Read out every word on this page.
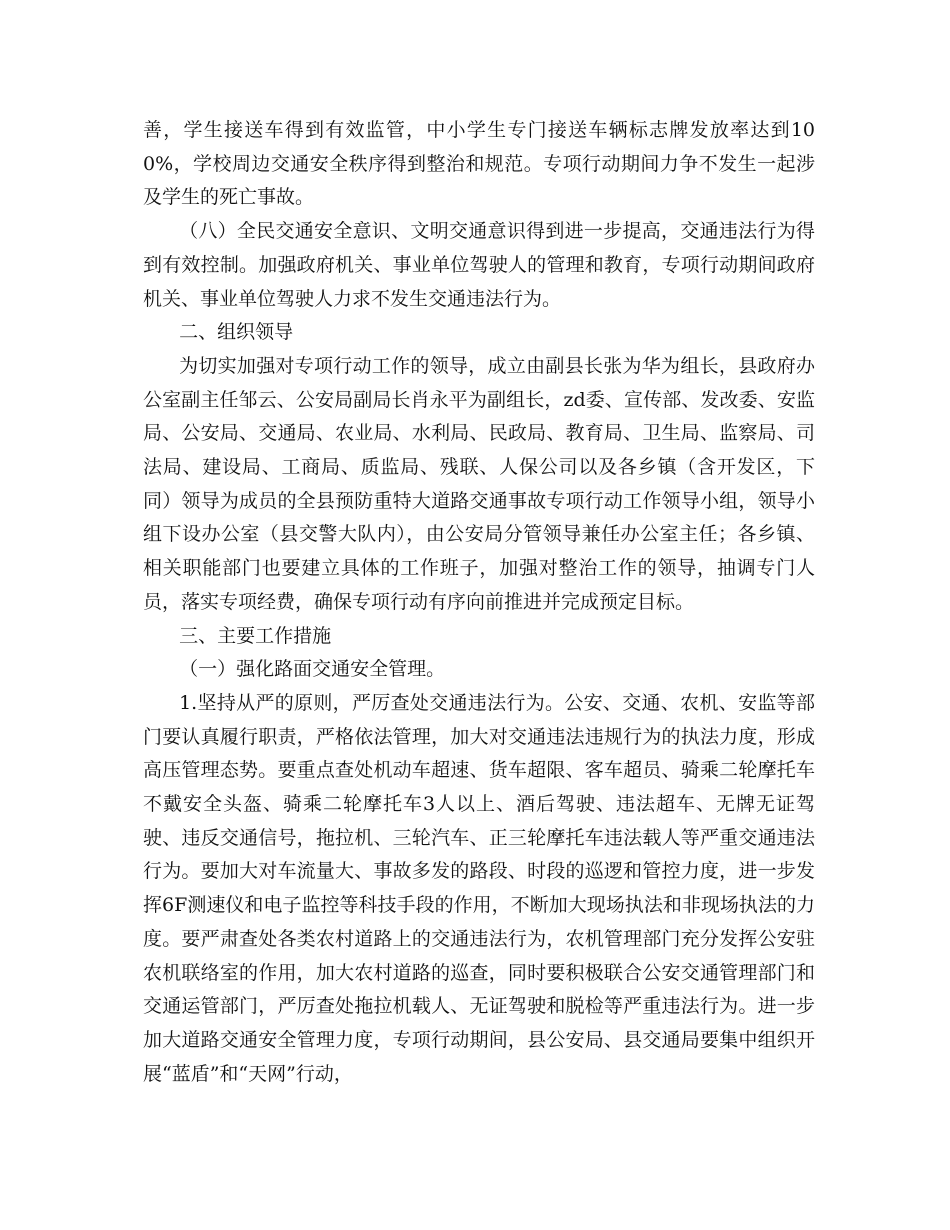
善，学生接送车得到有效监管，中小学生专门接送车辆标志牌发放率达到100%，学校周边交通安全秩序得到整治和规范。专项行动期间力争不发生一起涉及学生的死亡事故。

（八）全民交通安全意识、文明交通意识得到进一步提高，交通违法行为得到有效控制。加强政府机关、事业单位驾驶人的管理和教育，专项行动期间政府机关、事业单位驾驶人力求不发生交通违法行为。

二、组织领导

为切实加强对专项行动工作的领导，成立由副县长张为华为组长，县政府办公室副主任邹云、公安局副局长肖永平为副组长，zd委、宣传部、发改委、安监局、公安局、交通局、农业局、水利局、民政局、教育局、卫生局、监察局、司法局、建设局、工商局、质监局、残联、人保公司以及各乡镇（含开发区，下同）领导为成员的全县预防重特大道路交通事故专项行动工作领导小组，领导小组下设办公室（县交警大队内），由公安局分管领导兼任办公室主任；各乡镇、相关职能部门也要建立具体的工作班子，加强对整治工作的领导，抽调专门人员，落实专项经费，确保专项行动有序向前推进并完成预定目标。

三、主要工作措施

（一）强化路面交通安全管理。

1.坚持从严的原则，严厉查处交通违法行为。公安、交通、农机、安监等部门要认真履行职责，严格依法管理，加大对交通违法违规行为的执法力度，形成高压管理态势。要重点查处机动车超速、货车超限、客车超员、骑乘二轮摩托车不戴安全头盔、骑乘二轮摩托车3人以上、酒后驾驶、违法超车、无牌无证驾驶、违反交通信号，拖拉机、三轮汽车、正三轮摩托车违法载人等严重交通违法行为。要加大对车流量大、事故多发的路段、时段的巡逻和管控力度，进一步发挥6F测速仪和电子监控等科技手段的作用，不断加大现场执法和非现场执法的力度。要严肃查处各类农村道路上的交通违法行为，农机管理部门充分发挥公安驻农机联络室的作用，加大农村道路的巡查，同时要积极联合公安交通管理部门和交通运管部门，严厉查处拖拉机载人、无证驾驶和脱检等严重违法行为。进一步加大道路交通安全管理力度，专项行动期间，县公安局、县交通局要集中组织开展“蓝盾”和“天网”行动，
